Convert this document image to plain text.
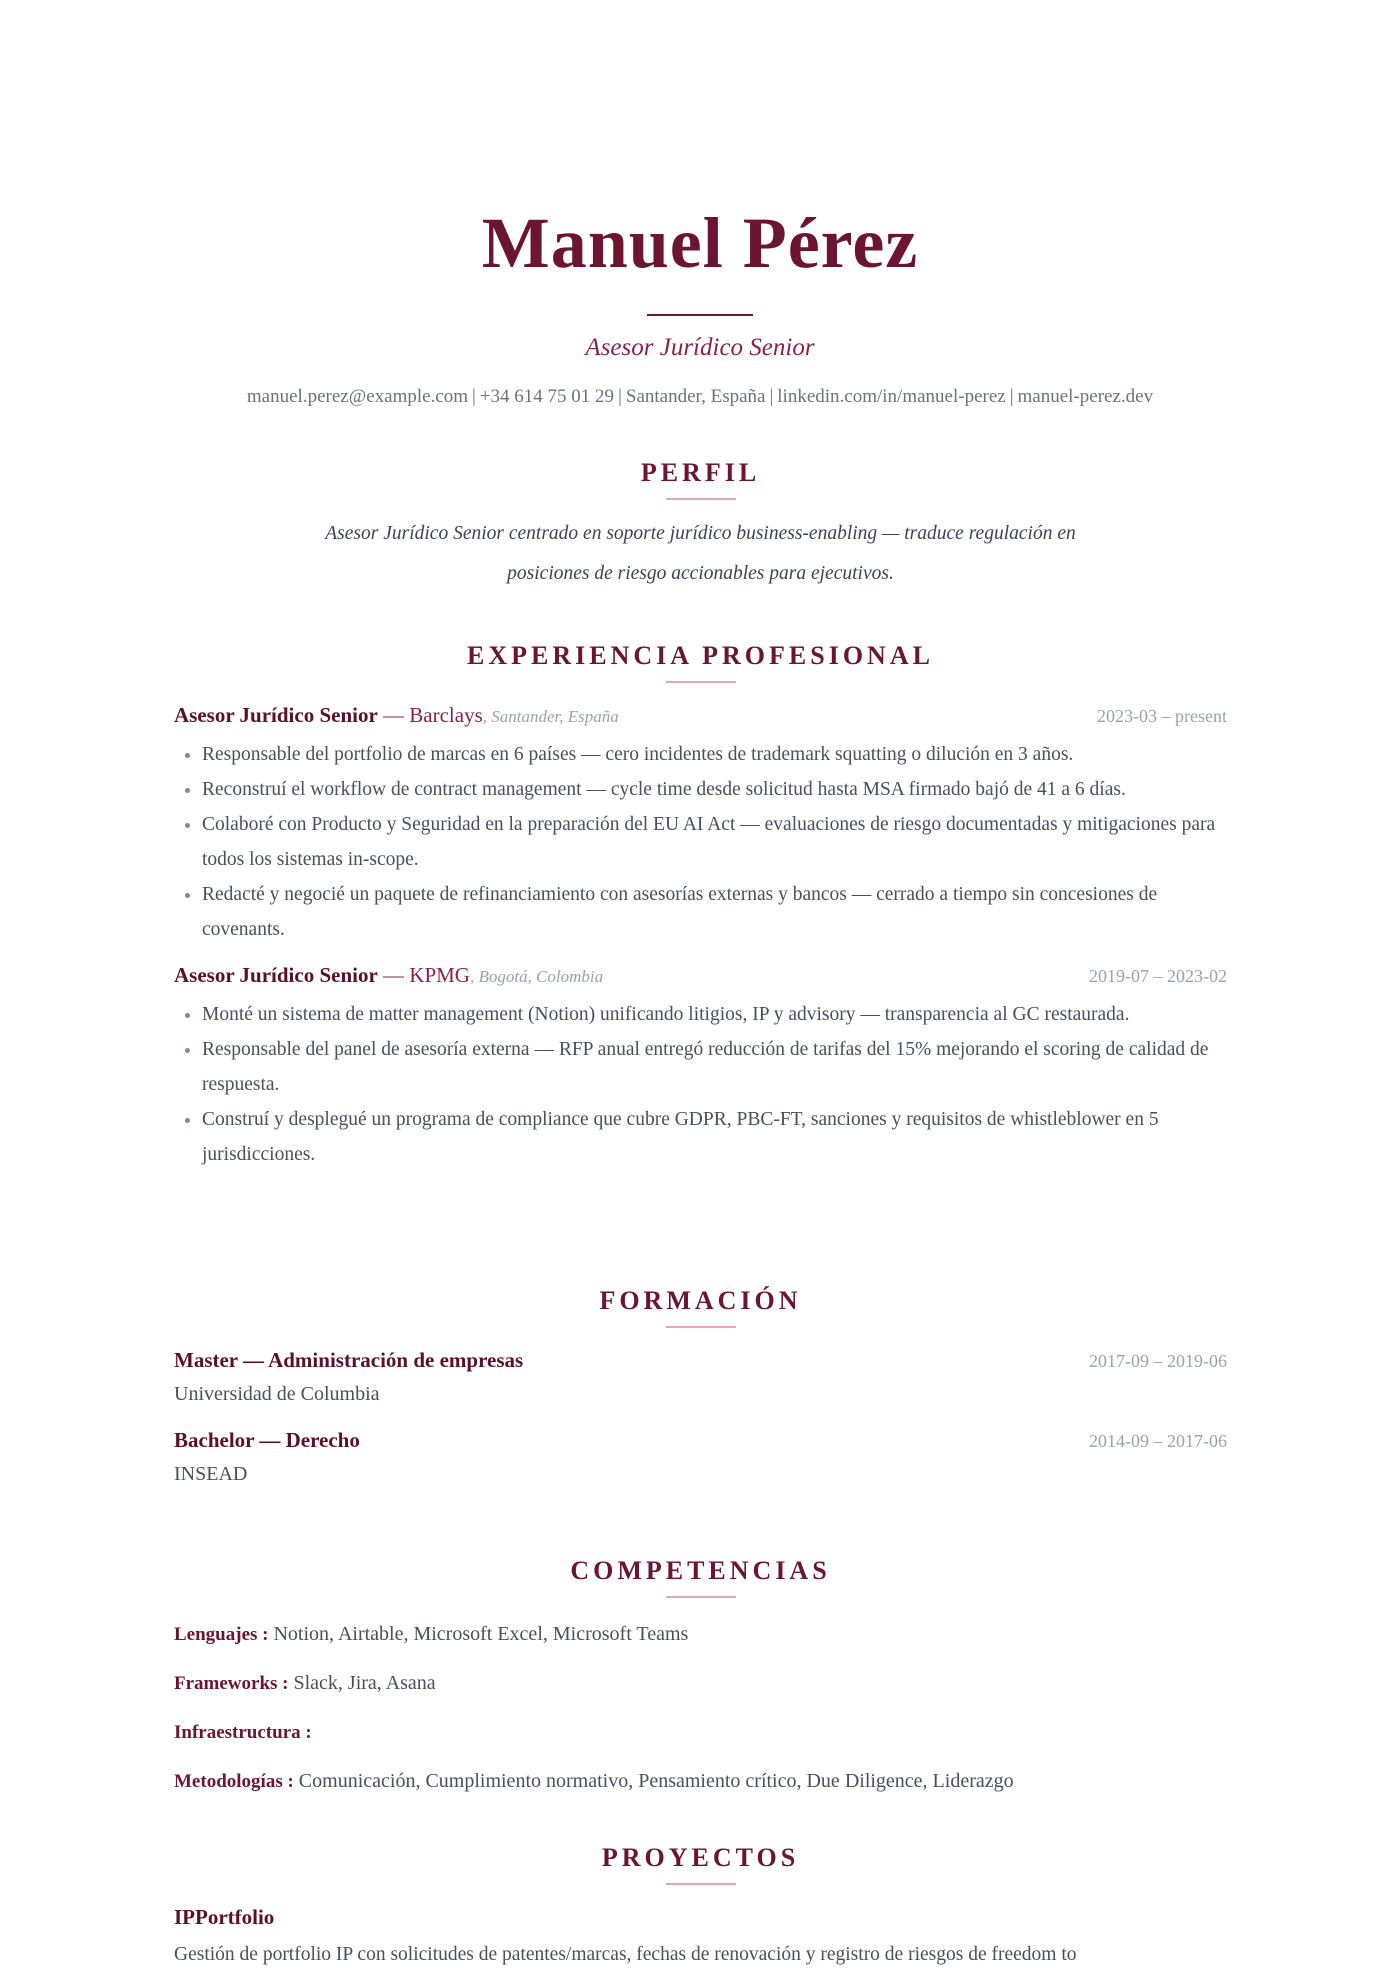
Manuel Pérez
Asesor Jurídico Senior
manuel.perez@example.com | +34 614 75 01 29 | Santander, España | linkedin.com/in/manuel-perez | manuel-perez.dev
PERFIL
Asesor Jurídico Senior centrado en soporte jurídico business-enabling — traduce regulación en
posiciones de riesgo accionables para ejecutivos.
EXPERIENCIA PROFESIONAL
Asesor Jurídico Senior — Barclays, Santander, España	2023-03 – present
• Responsable del portfolio de marcas en 6 países — cero incidentes de trademark squatting o dilución en 3 años.
• Reconstruí el workflow de contract management — cycle time desde solicitud hasta MSA firmado bajó de 41 a 6 días.
• Colaboré con Producto y Seguridad en la preparación del EU AI Act — evaluaciones de riesgo documentadas y mitigaciones para todos los sistemas in-scope.
• Redacté y negocié un paquete de refinanciamiento con asesorías externas y bancos — cerrado a tiempo sin concesiones de covenants.
Asesor Jurídico Senior — KPMG, Bogotá, Colombia	2019-07 – 2023-02
• Monté un sistema de matter management (Notion) unificando litigios, IP y advisory — transparencia al GC restaurada.
• Responsable del panel de asesoría externa — RFP anual entregó reducción de tarifas del 15% mejorando el scoring de calidad de respuesta.
• Construí y desplegué un programa de compliance que cubre GDPR, PBC-FT, sanciones y requisitos de whistleblower en 5 jurisdicciones.
FORMACIÓN
Master — Administración de empresas	2017-09 – 2019-06
Universidad de Columbia
Bachelor — Derecho	2014-09 – 2017-06
INSEAD
COMPETENCIAS
Lenguajes : Notion, Airtable, Microsoft Excel, Microsoft Teams
Frameworks : Slack, Jira, Asana
Infraestructura :
Metodologías : Comunicación, Cumplimiento normativo, Pensamiento crítico, Due Diligence, Liderazgo
PROYECTOS
IPPortfolio
Gestión de portfolio IP con solicitudes de patentes/marcas, fechas de renovación y registro de riesgos de freedom to
